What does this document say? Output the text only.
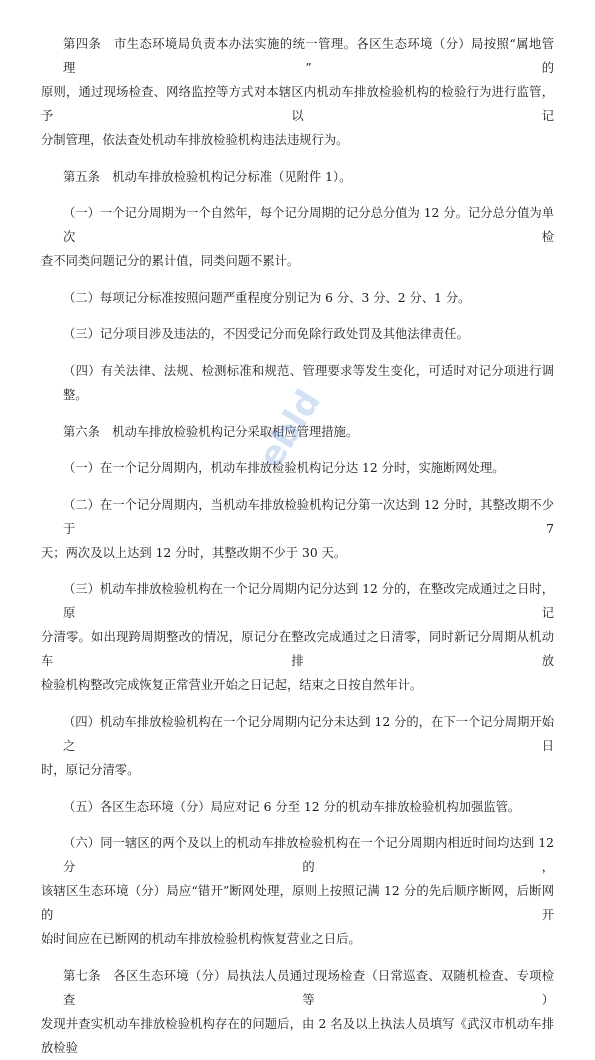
第四条　市生态环境局负责本办法实施的统一管理。各区生态环境（分）局按照“属地管理”的
原则，通过现场检查、网络监控等方式对本辖区内机动车排放检验机构的检验行为进行监管，予以记
分制管理，依法查处机动车排放检验机构违法违规行为。
第五条　机动车排放检验机构记分标准（见附件 1）。
（一）一个记分周期为一个自然年，每个记分周期的记分总分值为 12 分。记分总分值为单次检
查不同类问题记分的累计值，同类问题不累计。
（二）每项记分标准按照问题严重程度分别记为 6 分、3 分、2 分、1 分。
（三）记分项目涉及违法的，不因受记分而免除行政处罚及其他法律责任。
（四）有关法律、法规、检测标准和规范、管理要求等发生变化，可适时对记分项进行调整。
第六条　机动车排放检验机构记分采取相应管理措施。
（一）在一个记分周期内，机动车排放检验机构记分达 12 分时，实施断网处理。
（二）在一个记分周期内，当机动车排放检验机构记分第一次达到 12 分时，其整改期不少于 7
天；两次及以上达到 12 分时，其整改期不少于 30 天。
（三）机动车排放检验机构在一个记分周期内记分达到 12 分的，在整改完成通过之日时，原记
分清零。如出现跨周期整改的情况，原记分在整改完成通过之日清零，同时新记分周期从机动车排放
检验机构整改完成恢复正常营业开始之日记起，结束之日按自然年计。
（四）机动车排放检验机构在一个记分周期内记分未达到 12 分的，在下一个记分周期开始之日
时，原记分清零。
（五）各区生态环境（分）局应对记 6 分至 12 分的机动车排放检验机构加强监管。
（六）同一辖区的两个及以上的机动车排放检验机构在一个记分周期内相近时间均达到 12 分的，
该辖区生态环境（分）局应“错开”断网处理，原则上按照记满 12 分的先后顺序断网，后断网的开
始时间应在已断网的机动车排放检验机构恢复营业之日后。
第七条　各区生态环境（分）局执法人员通过现场检查（日常巡查、双随机检查、专项检查等）
发现并查实机动车排放检验机构存在的问题后，由 2 名及以上执法人员填写《武汉市机动车排放检验
ebld
